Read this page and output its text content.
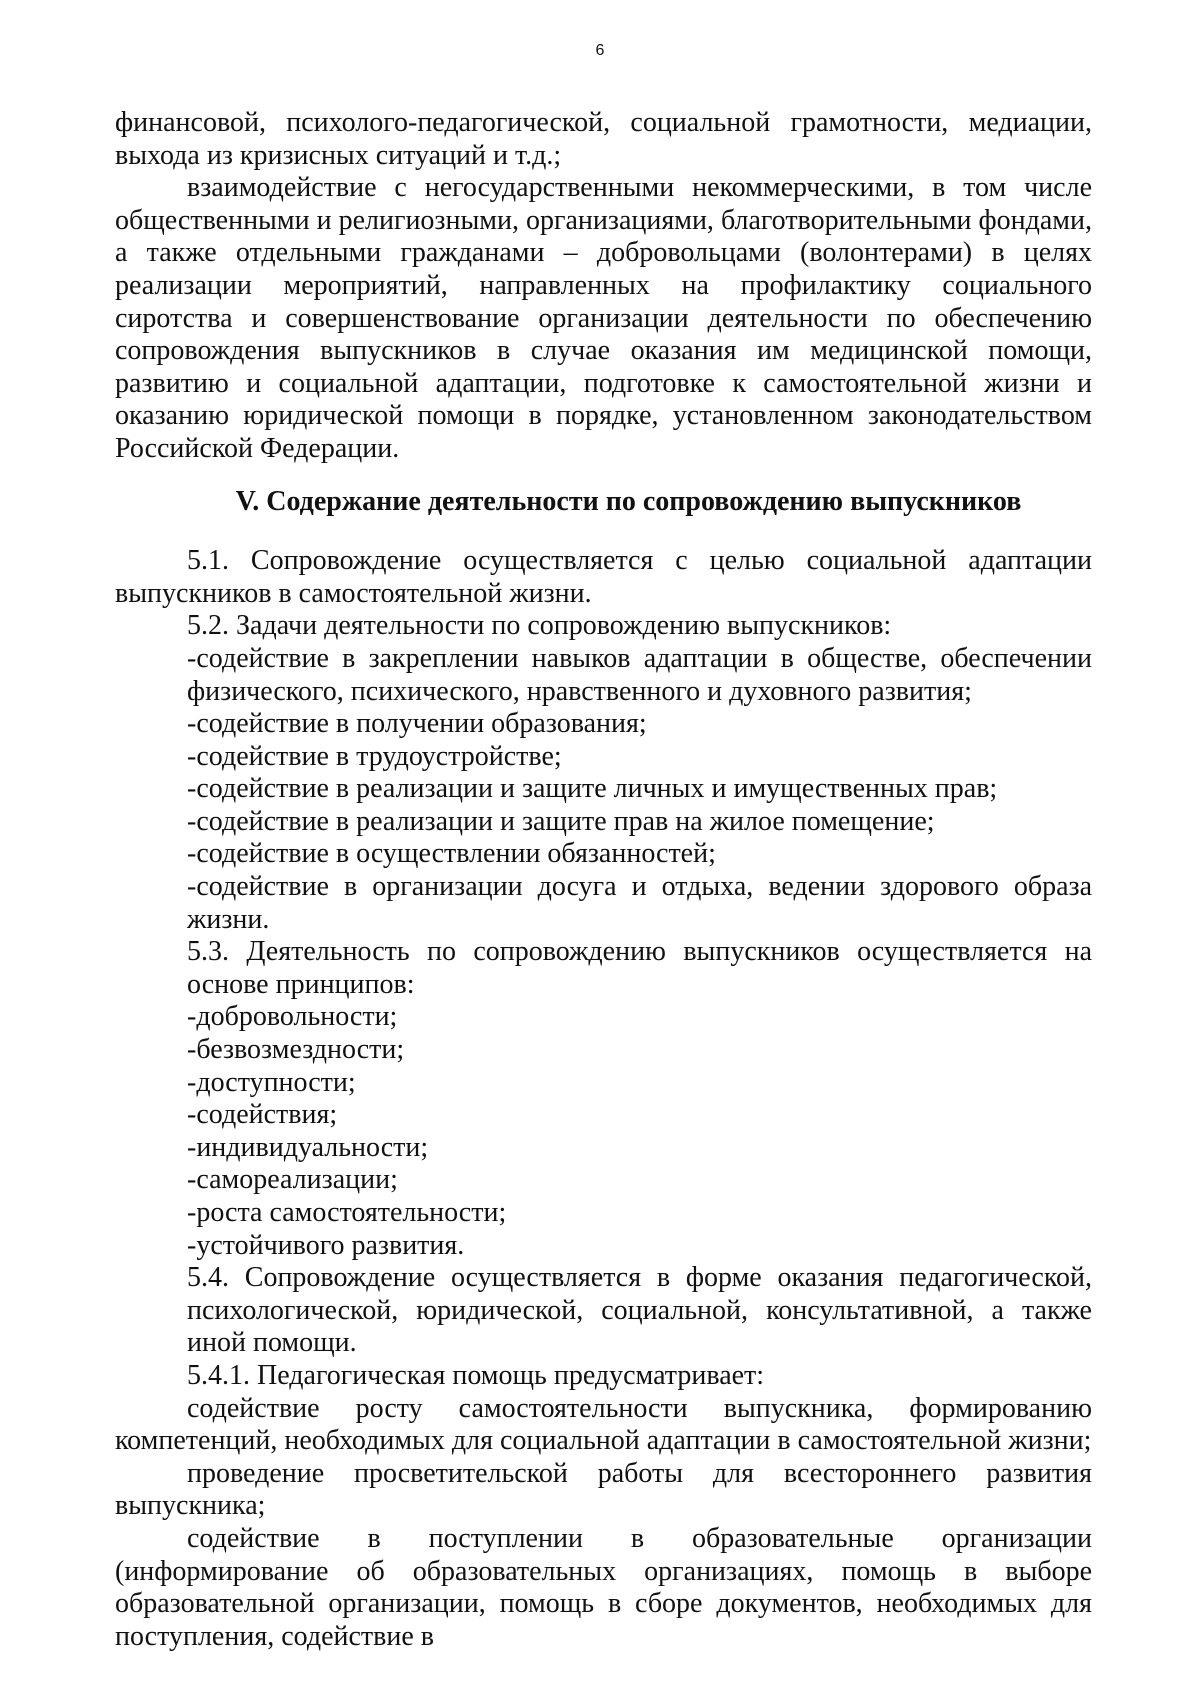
6

финансовой, психолого-педагогической, социальной грамотности, медиации, выхода из кризисных ситуаций и т.д.;

взаимодействие с негосударственными некоммерческими, в том числе общественными и религиозными, организациями, благотворительными фондами, а также отдельными гражданами – добровольцами (волонтерами) в целях реализации мероприятий, направленных на профилактику социального сиротства и совершенствование организации деятельности по обеспечению сопровождения выпускников в случае оказания им медицинской помощи, развитию и социальной адаптации, подготовке к самостоятельной жизни и оказанию юридической помощи в порядке, установленном законодательством Российской Федерации.

V. Содержание деятельности по сопровождению выпускников

5.1. Сопровождение осуществляется с целью социальной адаптации выпускников в самостоятельной жизни.

5.2. Задачи деятельности по сопровождению выпускников:

-содействие в закреплении навыков адаптации в обществе, обеспечении физического, психического, нравственного и духовного развития;

-содействие в получении образования;

-содействие в трудоустройстве;

-содействие в реализации и защите личных и имущественных прав;

-содействие в реализации и защите прав на жилое помещение;

-содействие в осуществлении обязанностей;

-содействие в организации досуга и отдыха, ведении здорового образа жизни.

5.3. Деятельность по сопровождению выпускников осуществляется на основе принципов:

-добровольности;

-безвозмездности;

-доступности;

-содействия;

-индивидуальности;

-самореализации;

-роста самостоятельности;

-устойчивого развития.

5.4. Сопровождение осуществляется в форме оказания педагогической, психологической, юридической, социальной, консультативной, а также иной помощи.

5.4.1. Педагогическая помощь предусматривает:

содействие росту самостоятельности выпускника, формированию компетенций, необходимых для социальной адаптации в самостоятельной жизни;

проведение просветительской работы для всестороннего развития выпускника;

содействие в поступлении в образовательные организации (информирование об образовательных организациях, помощь в выборе образовательной организации, помощь в сборе документов, необходимых для поступления, содействие в
